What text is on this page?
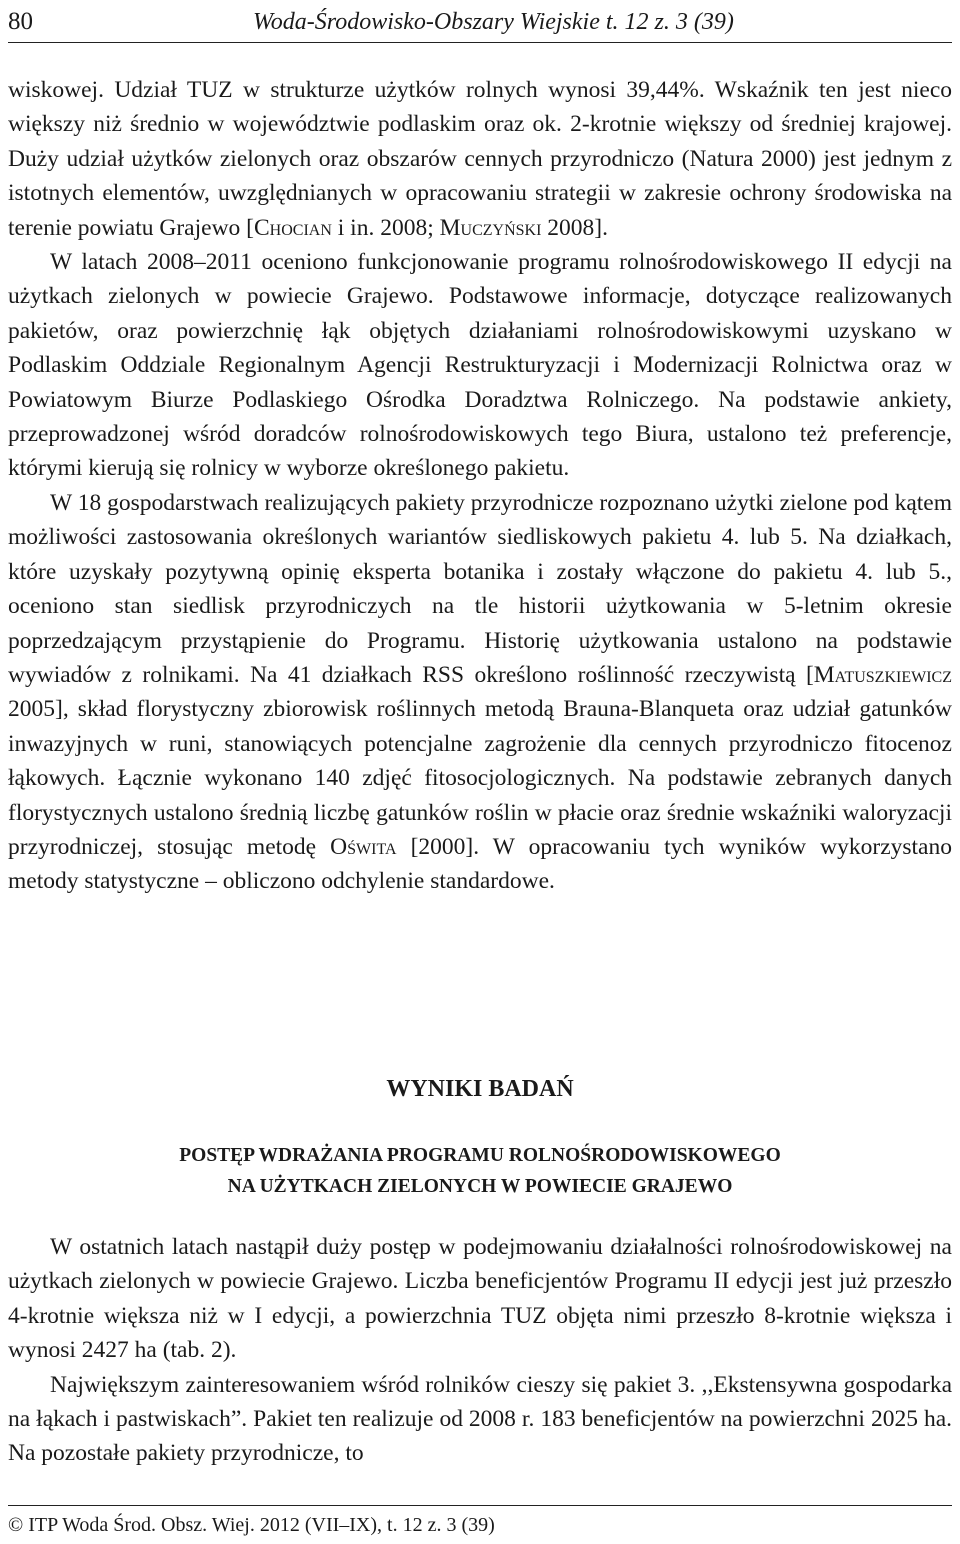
80	Woda-Środowisko-Obszary Wiejskie t. 12 z. 3 (39)

wiskowej. Udział TUZ w strukturze użytków rolnych wynosi 39,44%. Wskaźnik ten jest nieco większy niż średnio w województwie podlaskim oraz ok. 2-krotnie większy od średniej krajowej. Duży udział użytków zielonych oraz obszarów cennych przyrodniczo (Natura 2000) jest jednym z istotnych elementów, uwzględnianych w opracowaniu strategii w zakresie ochrony środowiska na terenie powiatu Grajewo [Chocian i in. 2008; Muczyński 2008].

W latach 2008–2011 oceniono funkcjonowanie programu rolnośrodowiskowego II edycji na użytkach zielonych w powiecie Grajewo. Podstawowe informacje, dotyczące realizowanych pakietów, oraz powierzchnię łąk objętych działaniami rolnośrodowiskowymi uzyskano w Podlaskim Oddziale Regionalnym Agencji Restrukturyzacji i Modernizacji Rolnictwa oraz w Powiatowym Biurze Podlaskiego Ośrodka Doradztwa Rolniczego. Na podstawie ankiety, przeprowadzonej wśród doradców rolnośrodowiskowych tego Biura, ustalono też preferencje, którymi kierują się rolnicy w wyborze określonego pakietu.

W 18 gospodarstwach realizujących pakiety przyrodnicze rozpoznano użytki zielone pod kątem możliwości zastosowania określonych wariantów siedliskowych pakietu 4. lub 5. Na działkach, które uzyskały pozytywną opinię eksperta botanika i zostały włączone do pakietu 4. lub 5., oceniono stan siedlisk przyrodniczych na tle historii użytkowania w 5-letnim okresie poprzedzającym przystąpienie do Programu. Historię użytkowania ustalono na podstawie wywiadów z rolnikami. Na 41 działkach RSS określono roślinność rzeczywistą [Matuszkiewicz 2005], skład florystyczny zbiorowisk roślinnych metodą Brauna-Blanqueta oraz udział gatunków inwazyjnych w runi, stanowiących potencjalne zagrożenie dla cennych przyrodniczo fitocenoz łąkowych. Łącznie wykonano 140 zdjęć fitosocjologicznych. Na podstawie zebranych danych florystycznych ustalono średnią liczbę gatunków roślin w płacie oraz średnie wskaźniki waloryzacji przyrodniczej, stosując metodę Oświta [2000]. W opracowaniu tych wyników wykorzystano metody statystyczne – obliczono odchylenie standardowe.

WYNIKI BADAŃ
POSTĘP WDRAŻANIA PROGRAMU ROLNOŚRODOWISKOWEGO
NA UŻYTKACH ZIELONYCH W POWIECIE GRAJEWO

W ostatnich latach nastąpił duży postęp w podejmowaniu działalności rolnośrodowiskowej na użytkach zielonych w powiecie Grajewo. Liczba beneficjentów Programu II edycji jest już przeszło 4-krotnie większa niż w I edycji, a powierzchnia TUZ objęta nimi przeszło 8-krotnie większa i wynosi 2427 ha (tab. 2).

Największym zainteresowaniem wśród rolników cieszy się pakiet 3. ,,Ekstensywna gospodarka na łąkach i pastwiskach”. Pakiet ten realizuje od 2008 r. 183 beneficjentów na powierzchni 2025 ha. Na pozostałe pakiety przyrodnicze, to

© ITP Woda Środ. Obsz. Wiej. 2012 (VII–IX), t. 12 z. 3 (39)
